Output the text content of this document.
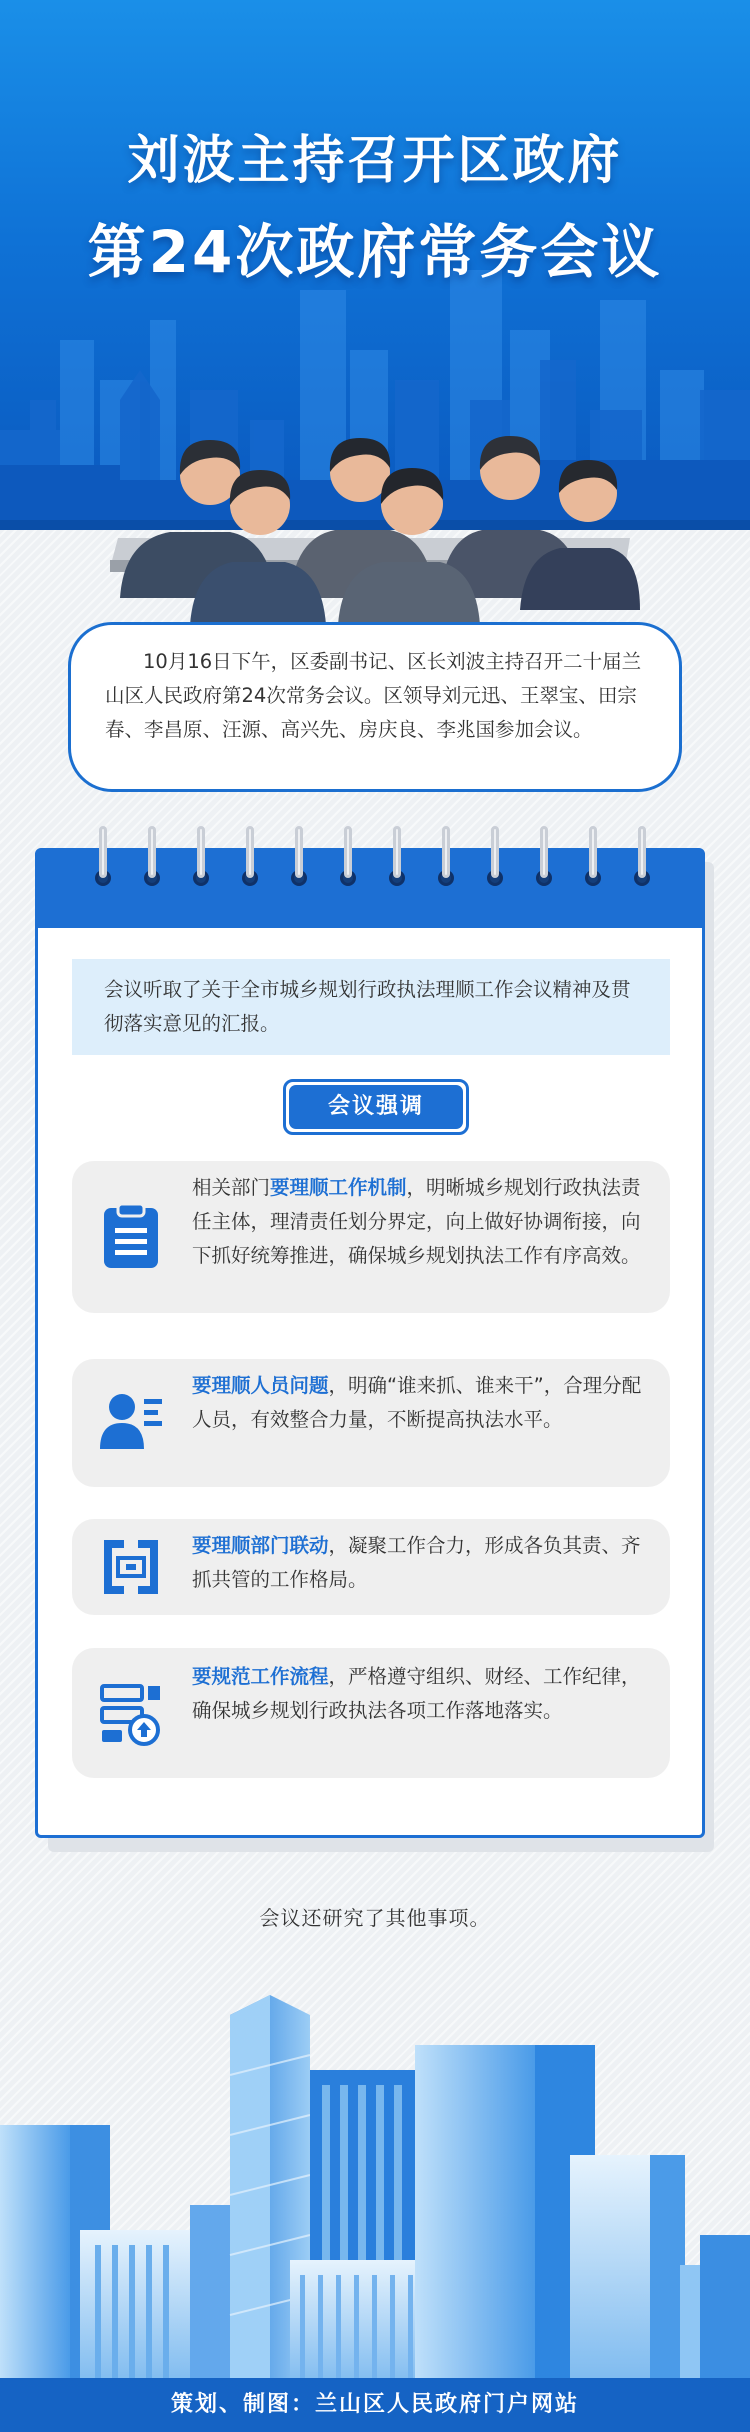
刘波主持召开区政府
第24次政府常务会议
10月16日下午，区委副书记、区长刘波主持召开二十届兰山区人民政府第24次常务会议。区领导刘元迅、王翠宝、田宗春、李昌原、汪源、高兴先、房庆良、李兆国参加会议。
会议听取了关于全市城乡规划行政执法理顺工作会议精神及贯彻落实意见的汇报。
会议强调
相关部门要理顺工作机制，明晰城乡规划行政执法责任主体，理清责任划分界定，向上做好协调衔接，向下抓好统筹推进，确保城乡规划执法工作有序高效。
要理顺人员问题，明确“谁来抓、谁来干”，合理分配人员，有效整合力量，不断提高执法水平。
要理顺部门联动，凝聚工作合力，形成各负其责、齐抓共管的工作格局。
要规范工作流程，严格遵守组织、财经、工作纪律，确保城乡规划行政执法各项工作落地落实。
会议还研究了其他事项。
策划、制图：兰山区人民政府门户网站
